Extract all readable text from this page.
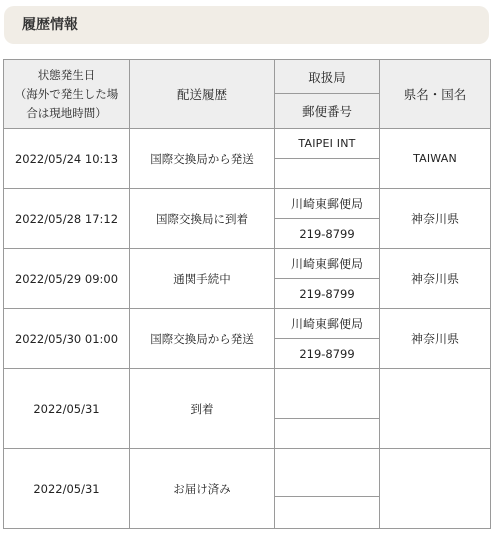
履歴情報
状態発生日
（海外で発生した場
合は現地時間）	配送履歴	取扱局	県名・国名
		郵便番号	
2022/05/24 10:13	国際交換局から発送	TAIPEI INT	TAIWAN

2022/05/28 17:12	国際交換局に到着	川崎東郵便局	神奈川県
		219-8799	
2022/05/29 09:00	通関手続中	川崎東郵便局	神奈川県
		219-8799	
2022/05/30 01:00	国際交換局から発送	川崎東郵便局	神奈川県
		219-8799	
2022/05/31	到着		

2022/05/31	お届け済み		
